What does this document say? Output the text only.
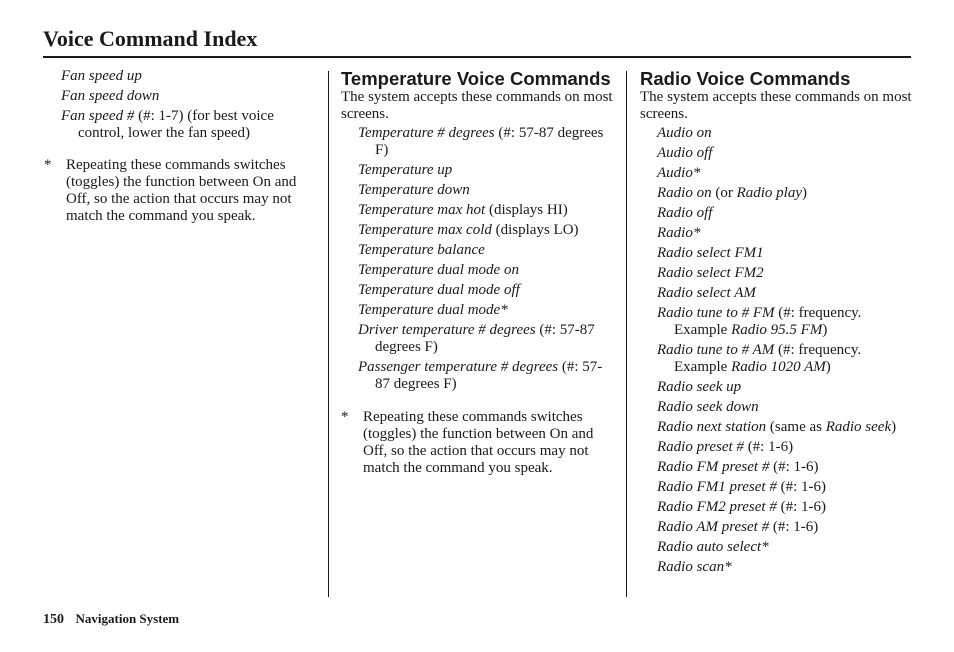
Voice Command Index

Fan speed up

Fan speed down

Fan speed # (#: 1-7) (for best voice control, lower the fan speed)

* Repeating these commands switches (toggles) the function between On and Off, so the action that occurs may not match the command you speak.
Temperature Voice Commands

The system accepts these commands on most screens.

Temperature # degrees (#: 57-87 degrees F)

Temperature up

Temperature down

Temperature max hot (displays HI)

Temperature max cold (displays LO)

Temperature balance

Temperature dual mode on

Temperature dual mode off

Temperature dual mode*

Driver temperature # degrees (#: 57-87 degrees F)

Passenger temperature # degrees (#: 57-87 degrees F)

* Repeating these commands switches (toggles) the function between On and Off, so the action that occurs may not match the command you speak.
Radio Voice Commands

The system accepts these commands on most screens.

Audio on

Audio off

Audio*

Radio on (or Radio play)

Radio off

Radio*

Radio select FM1

Radio select FM2

Radio select AM

Radio tune to # FM (#: frequency. Example Radio 95.5 FM)

Radio tune to # AM (#: frequency. Example Radio 1020 AM)

Radio seek up

Radio seek down

Radio next station (same as Radio seek)

Radio preset # (#: 1-6)

Radio FM preset # (#: 1-6)

Radio FM1 preset # (#: 1-6)

Radio FM2 preset # (#: 1-6)

Radio AM preset # (#: 1-6)

Radio auto select*

Radio scan*

150 Navigation System
